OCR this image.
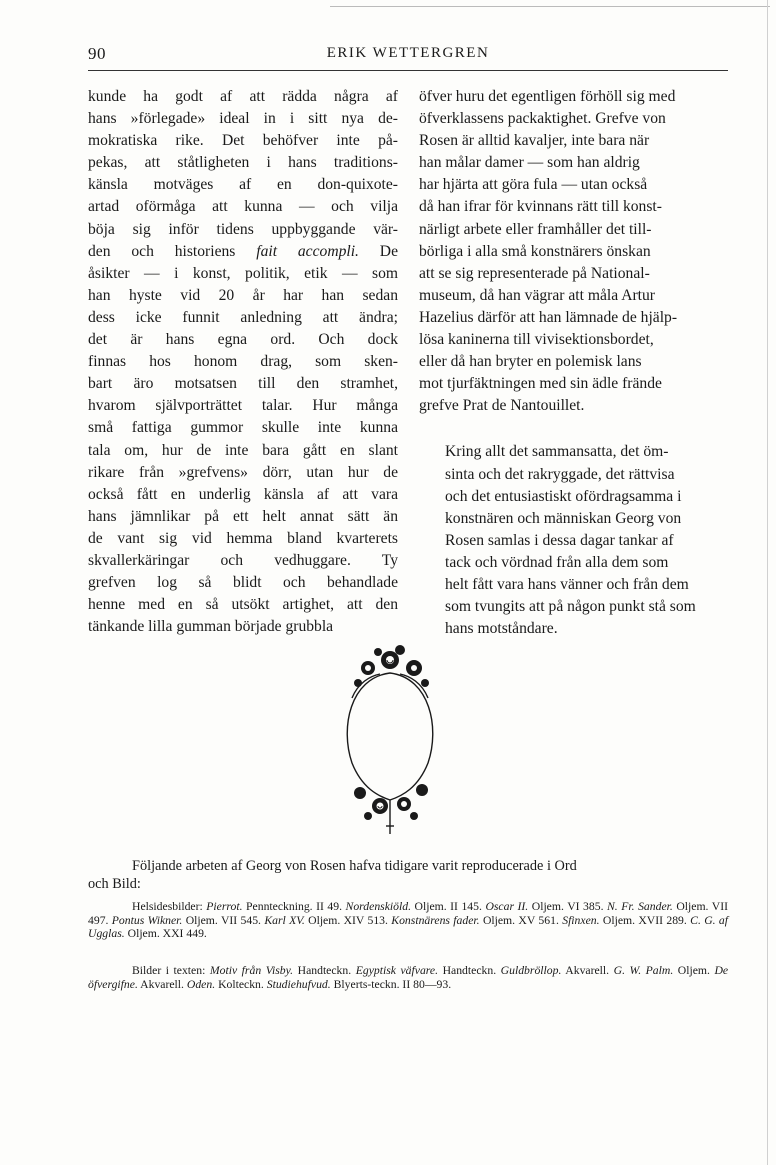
90	ERIK WETTERGREN

kunde ha godt af att rädda några af
hans »förlegade» ideal in i sitt nya de-
mokratiska rike. Det behöfver inte på-
pekas, att ståtligheten i hans traditions-
känsla motväges af en don-quixote-
artad oförmåga att kunna — och vilja
böja sig inför tidens uppbyggande vär-
den och historiens fait accompli. De
åsikter — i konst, politik, etik — som
han hyste vid 20 år har han sedan
dess icke funnit anledning att ändra;
det är hans egna ord. Och dock
finnas hos honom drag, som sken-
bart äro motsatsen till den stramhet,
hvarom självporträttet talar. Hur många
små fattiga gummor skulle inte kunna
tala om, hur de inte bara gått en slant
rikare från »grefvens» dörr, utan hur de
också fått en underlig känsla af att vara
hans jämnlikar på ett helt annat sätt än
de vant sig vid hemma bland kvarterets
skvallerkäringar och vedhuggare. Ty
grefven log så blidt och behandlade
henne med en så utsökt artighet, att den
tänkande lilla gumman började grubbla

öfver huru det egentligen förhöll sig med
öfverklassens packaktighet. Grefve von
Rosen är alltid kavaljer, inte bara när
han målar damer — som han aldrig
har hjärta att göra fula — utan också
då han ifrar för kvinnans rätt till konst-
närligt arbete eller framhåller det till-
börliga i alla små konstnärers önskan
att se sig representerade på National-
museum, då han vägrar att måla Artur
Hazelius därför att han lämnade de hjälp-
lösa kaninerna till vivisektionsbordet,
eller då han bryter en polemisk lans
mot tjurfäktningen med sin ädle frände
grefve Prat de Nantouillet.

Kring allt det sammansatta, det öm-
sinta och det rakryggade, det rättvisa
och det entusiastiskt ofördragsamma i
konstnären och människan Georg von
Rosen samlas i dessa dagar tankar af
tack och vördnad från alla dem som
helt fått vara hans vänner och från dem
som tvungits att på någon punkt stå som
hans motståndare.

Följande arbeten af Georg von Rosen hafva tidigare varit reproducerade i Ord
och Bild:
Helsidesbilder: Pierrot. Pennteckning. II 49. Nordenskiöld. Oljem. II 145. Oscar II. Oljem. VI 385. N. Fr. Sander. Oljem. VII 497. Pontus Wikner. Oljem. VII 545. Karl XV. Oljem. XIV 513. Konstnärens fader. Oljem. XV 561. Sfinxen. Oljem. XVII 289. C. G. af Ugglas. Oljem. XXI 449.
Bilder i texten: Motiv från Visby. Handteckn. Egyptisk väfvare. Handteckn. Guldbröllop. Akvarell. G. W. Palm. Oljem. De öfvergifne. Akvarell. Oden. Kolteckn. Studiehufvud. Blyerts-teckn. II 80—93.
